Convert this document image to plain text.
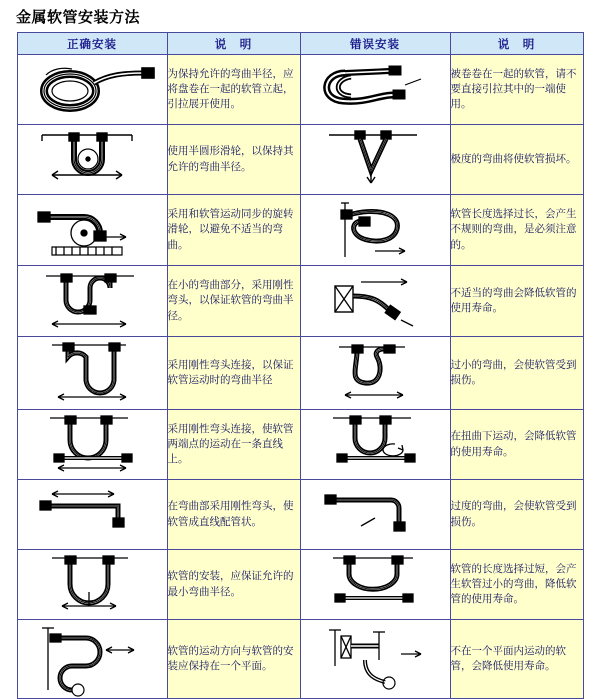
金属软管安装方法
正确安装	说　明	错误安装	说　明

	为保持允许的弯曲半径，应将盘卷在一起的软管立起，引拉展开使用。		被卷卷在一起的软管，请不要直接引拉其中的一端使用。

	使用半圆形滑轮，以保持其允许的弯曲半径。		极度的弯曲将使软管损坏。

	采用和软管运动同步的旋转滑轮，以避免不适当的弯曲。		软管长度选择过长，会产生不规则的弯曲，是必须注意的。

	在小的弯曲部分，采用刚性弯头，以保证软管的弯曲半径。		不适当的弯曲会降低软管的使用寿命。

	采用刚性弯头连接，以保证软管运动时的弯曲半径		过小的弯曲，会使软管受到损伤。

	采用刚性弯头连接，使软管两端点的运动在一条直线上。		在扭曲下运动，会降低软管的使用寿命。

	在弯曲部采用刚性弯头，使软管成直线配管状。		过度的弯曲，会使软管受到损伤。

	软管的安装，应保证允许的最小弯曲半径。		软管的长度选择过短，会产生软管过小的弯曲，降低软管的使用寿命。

	软管的运动方向与软管的安装应保持在一个平面。		不在一个平面内运动的软管，会降低使用寿命。
